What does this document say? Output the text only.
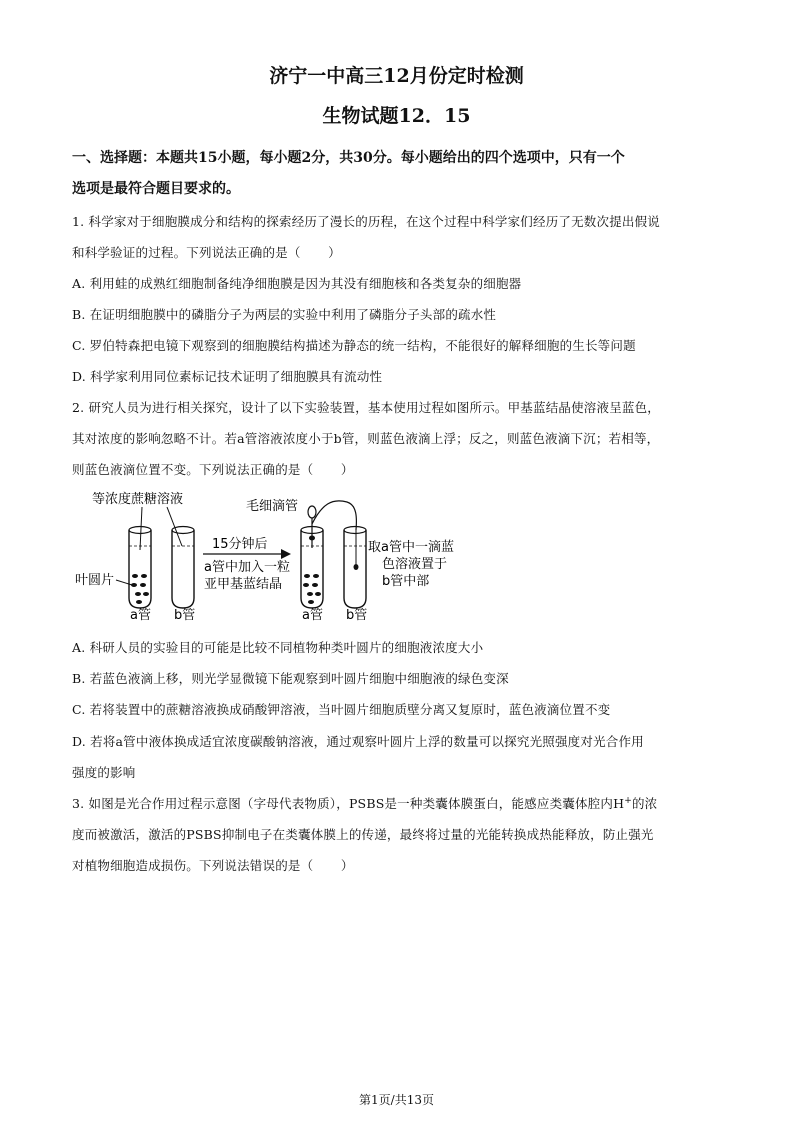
济宁一中高三12月份定时检测
生物试题12．15
一、选择题：本题共15小题，每小题2分，共30分。每小题给出的四个选项中，只有一个
选项是最符合题目要求的。
1. 科学家对于细胞膜成分和结构的探索经历了漫长的历程，在这个过程中科学家们经历了无数次提出假说
和科学验证的过程。下列说法正确的是（ ）
A. 利用蛙的成熟红细胞制备纯净细胞膜是因为其没有细胞核和各类复杂的细胞器
B. 在证明细胞膜中的磷脂分子为两层的实验中利用了磷脂分子头部的疏水性
C. 罗伯特森把电镜下观察到的细胞膜结构描述为静态的统一结构，不能很好的解释细胞的生长等问题
D. 科学家利用同位素标记技术证明了细胞膜具有流动性
2. 研究人员为进行相关探究，设计了以下实验装置，基本使用过程如图所示。甲基蓝结晶使溶液呈蓝色，
其对浓度的影响忽略不计。若a管溶液浓度小于b管，则蓝色液滴上浮；反之，则蓝色液滴下沉；若相等，
则蓝色液滴位置不变。下列说法正确的是（ ）
等浓度蔗糖溶液
叶圆片
a管 b管
15分钟后
a管中加入一粒
亚甲基蓝结晶
毛细滴管
取a管中一滴蓝
色溶液置于
b管中部
a管 b管
A. 科研人员的实验目的可能是比较不同植物种类叶圆片的细胞液浓度大小
B. 若蓝色液滴上移，则光学显微镜下能观察到叶圆片细胞中细胞液的绿色变深
C. 若将装置中的蔗糖溶液换成硝酸钾溶液，当叶圆片细胞质壁分离又复原时，蓝色液滴位置不变
D. 若将a管中液体换成适宜浓度碳酸钠溶液，通过观察叶圆片上浮的数量可以探究光照强度对光合作用
强度的影响
3. 如图是光合作用过程示意图（字母代表物质），PSBS是一种类囊体膜蛋白，能感应类囊体腔内H+的浓
度而被激活，激活的PSBS抑制电子在类囊体膜上的传递，最终将过量的光能转换成热能释放，防止强光
对植物细胞造成损伤。下列说法错误的是（ ）
第1页/共13页
